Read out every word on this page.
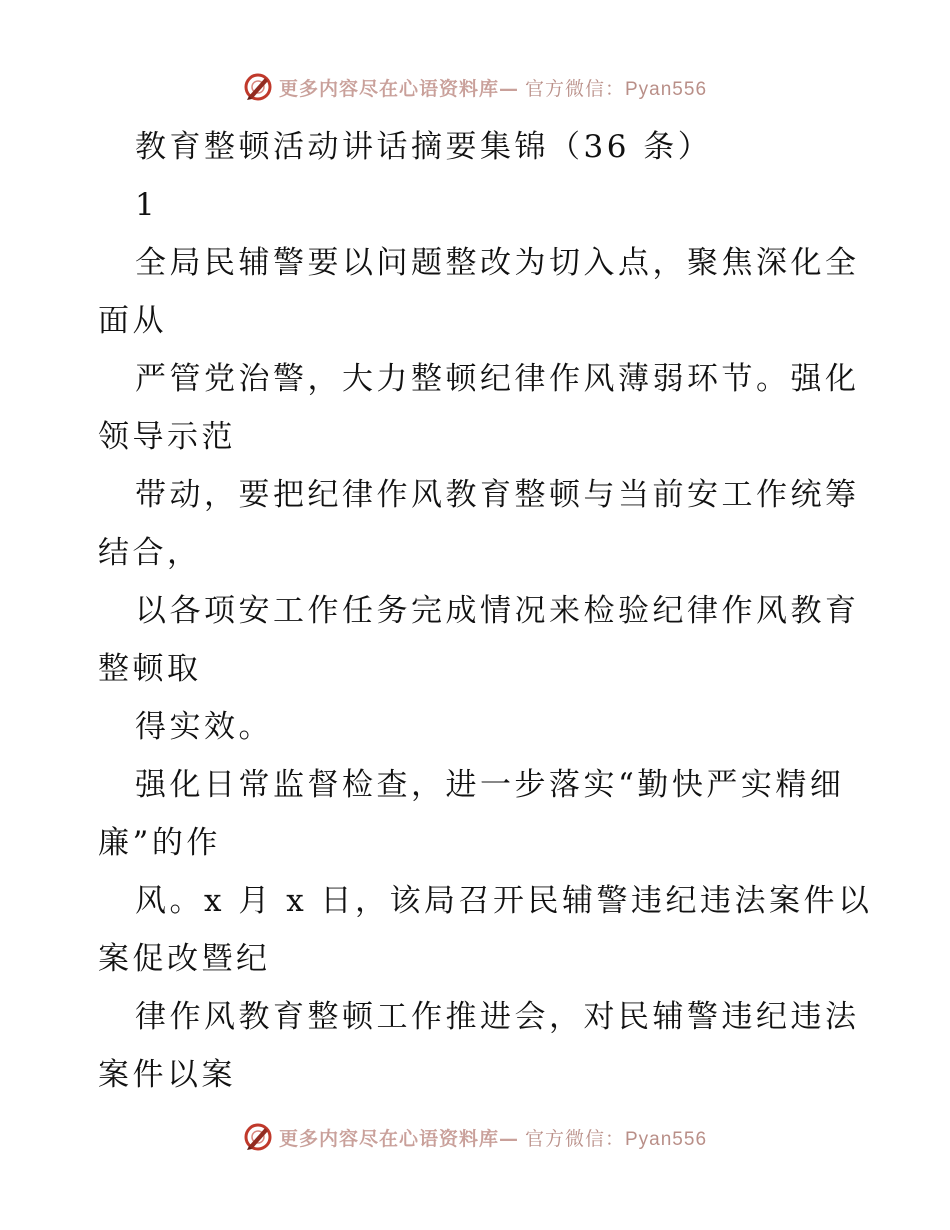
更多内容尽在心语资料库— 官方微信：Pyan556
教育整顿活动讲话摘要集锦（36 条）
1
全局民辅警要以问题整改为切入点，聚焦深化全
面从
严管党治警，大力整顿纪律作风薄弱环节。强化
领导示范
带动，要把纪律作风教育整顿与当前安工作统筹
结合，
以各项安工作任务完成情况来检验纪律作风教育
整顿取
得实效。
强化日常监督检查，进一步落实“勤快严实精细
廉”的作
风。x 月 x 日，该局召开民辅警违纪违法案件以
案促改暨纪
律作风教育整顿工作推进会，对民辅警违纪违法
案件以案
更多内容尽在心语资料库— 官方微信：Pyan556
